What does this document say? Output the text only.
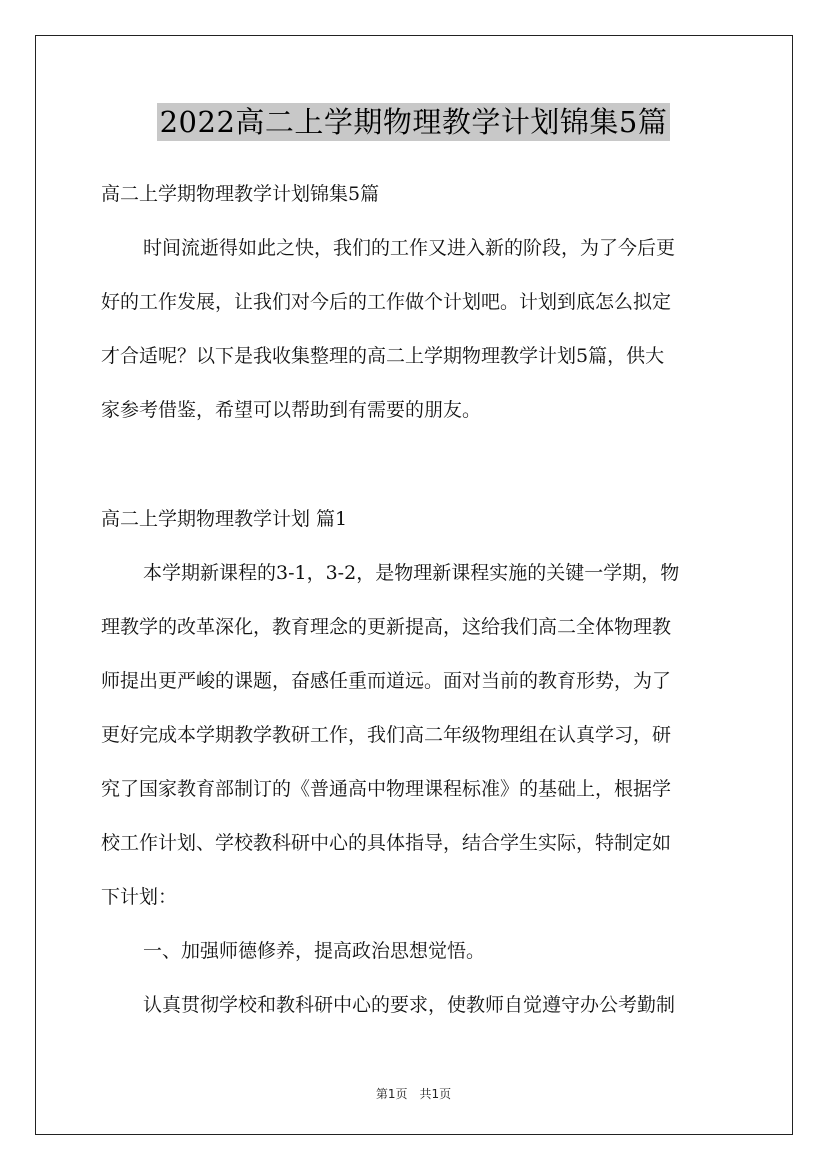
2022高二上学期物理教学计划锦集5篇
高二上学期物理教学计划锦集5篇
时间流逝得如此之快，我们的工作又进入新的阶段，为了今后更
好的工作发展，让我们对今后的工作做个计划吧。计划到底怎么拟定
才合适呢？以下是我收集整理的高二上学期物理教学计划5篇，供大
家参考借鉴，希望可以帮助到有需要的朋友。
高二上学期物理教学计划 篇1
本学期新课程的3-1，3-2，是物理新课程实施的关键一学期，物
理教学的改革深化，教育理念的更新提高，这给我们高二全体物理教
师提出更严峻的课题，奋感任重而道远。面对当前的教育形势，为了
更好完成本学期教学教研工作，我们高二年级物理组在认真学习，研
究了国家教育部制订的《普通高中物理课程标准》的基础上，根据学
校工作计划、学校教科研中心的具体指导，结合学生实际，特制定如
下计划：
一、加强师德修养，提高政治思想觉悟。
认真贯彻学校和教科研中心的要求，使教师自觉遵守办公考勤制
第1页 共1页
